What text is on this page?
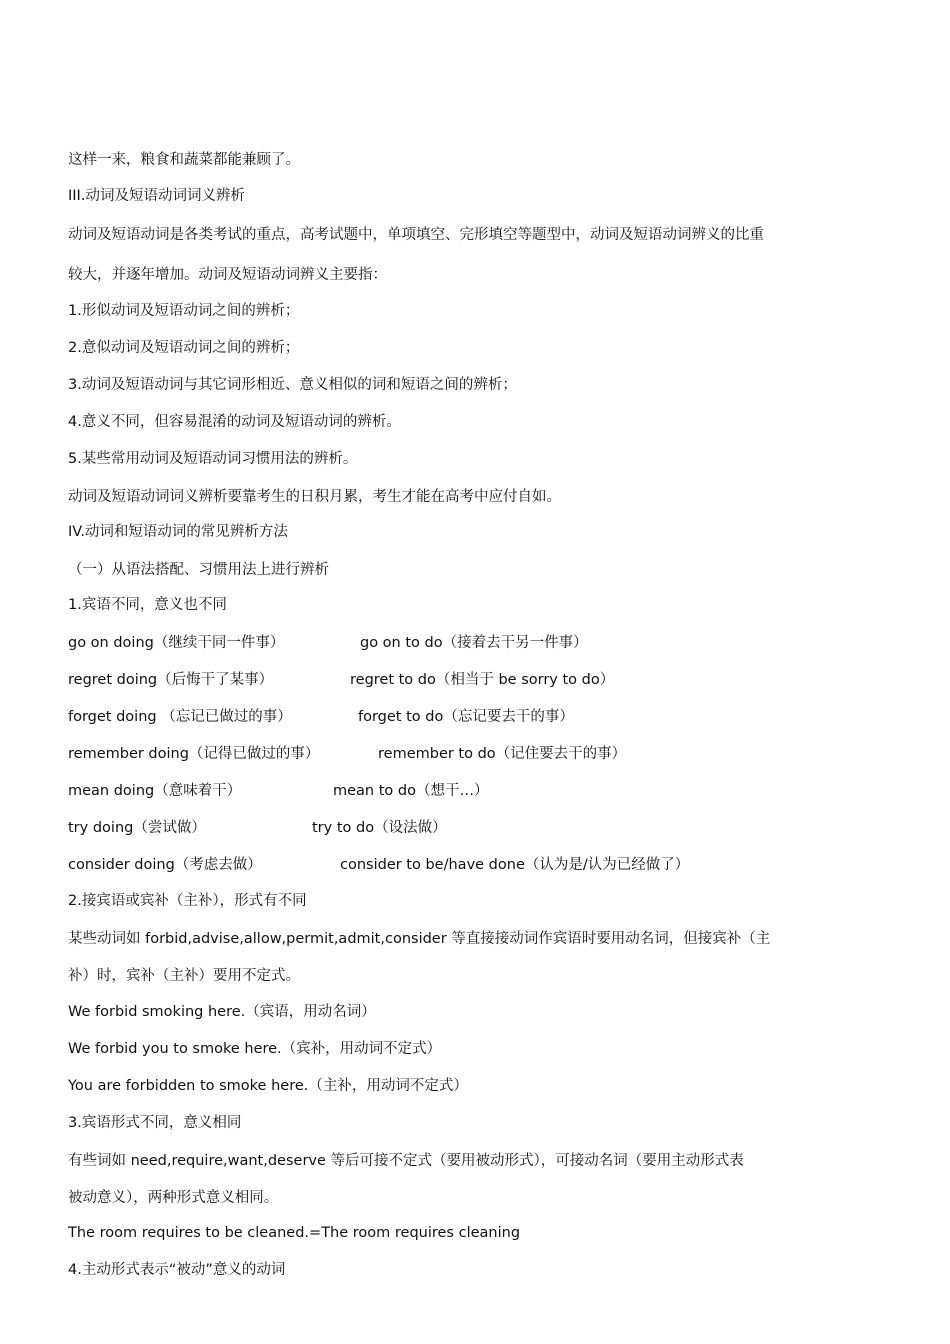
这样一来，粮食和蔬菜都能兼顾了。
III.动词及短语动词词义辨析
动词及短语动词是各类考试的重点，高考试题中，单项填空、完形填空等题型中，动词及短语动词辨义的比重
较大，并逐年增加。动词及短语动词辨义主要指：
1.形似动词及短语动词之间的辨析；
2.意似动词及短语动词之间的辨析；
3.动词及短语动词与其它词形相近、意义相似的词和短语之间的辨析；
4.意义不同，但容易混淆的动词及短语动词的辨析。
5.某些常用动词及短语动词习惯用法的辨析。
动词及短语动词词义辨析要靠考生的日积月累，考生才能在高考中应付自如。
IV.动词和短语动词的常见辨析方法
（一）从语法搭配、习惯用法上进行辨析
1.宾语不同，意义也不同
go on doing（继续干同一件事）	go on to do（接着去干另一件事）
regret doing（后悔干了某事）	regret to do（相当于 be sorry to do）
forget doing （忘记已做过的事）	forget to do（忘记要去干的事）
remember doing（记得已做过的事）	remember to do（记住要去干的事）
mean doing（意味着干）	mean to do（想干…）
try doing（尝试做）	try to do（设法做）
consider doing（考虑去做）	consider to be/have done（认为是/认为已经做了）
2.接宾语或宾补（主补），形式有不同
某些动词如 forbid,advise,allow,permit,admit,consider 等直接接动词作宾语时要用动名词，但接宾补（主
补）时，宾补（主补）要用不定式。
We forbid smoking here.（宾语，用动名词）
We forbid you to smoke here.（宾补，用动词不定式）
You are forbidden to smoke here.（主补，用动词不定式）
3.宾语形式不同，意义相同
有些词如 need,require,want,deserve 等后可接不定式（要用被动形式），可接动名词（要用主动形式表
被动意义），两种形式意义相同。
The room requires to be cleaned.=The room requires cleaning
4.主动形式表示“被动”意义的动词
